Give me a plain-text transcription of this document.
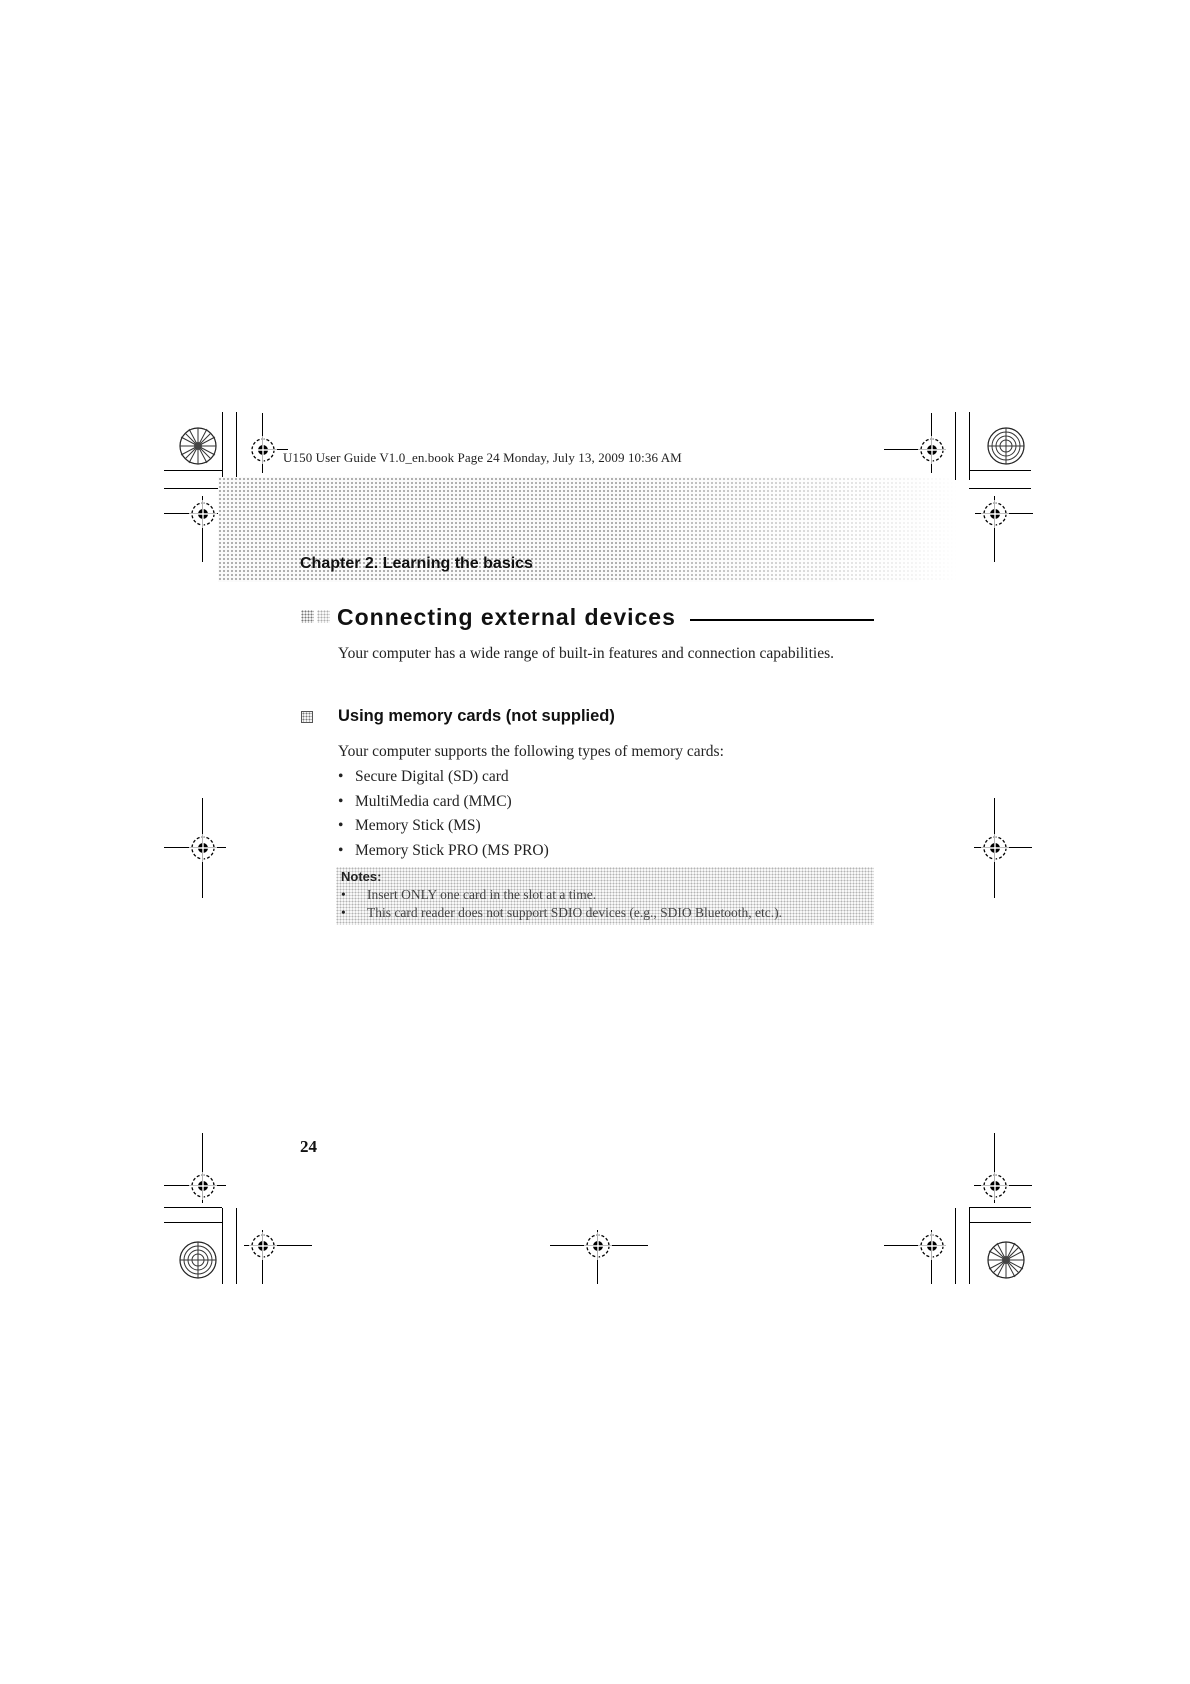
U150 User Guide V1.0_en.book Page 24 Monday, July 13, 2009 10:36 AM
Chapter 2. Learning the basics
Connecting external devices

Your computer has a wide range of built-in features and connection capabilities.

Using memory cards (not supplied)
Your computer supports the following types of memory cards:
• Secure Digital (SD) card
• MultiMedia card (MMC)
• Memory Stick (MS)
• Memory Stick PRO (MS PRO)
Notes:
• Insert ONLY one card in the slot at a time.
• This card reader does not support SDIO devices (e.g., SDIO Bluetooth, etc.).
24
